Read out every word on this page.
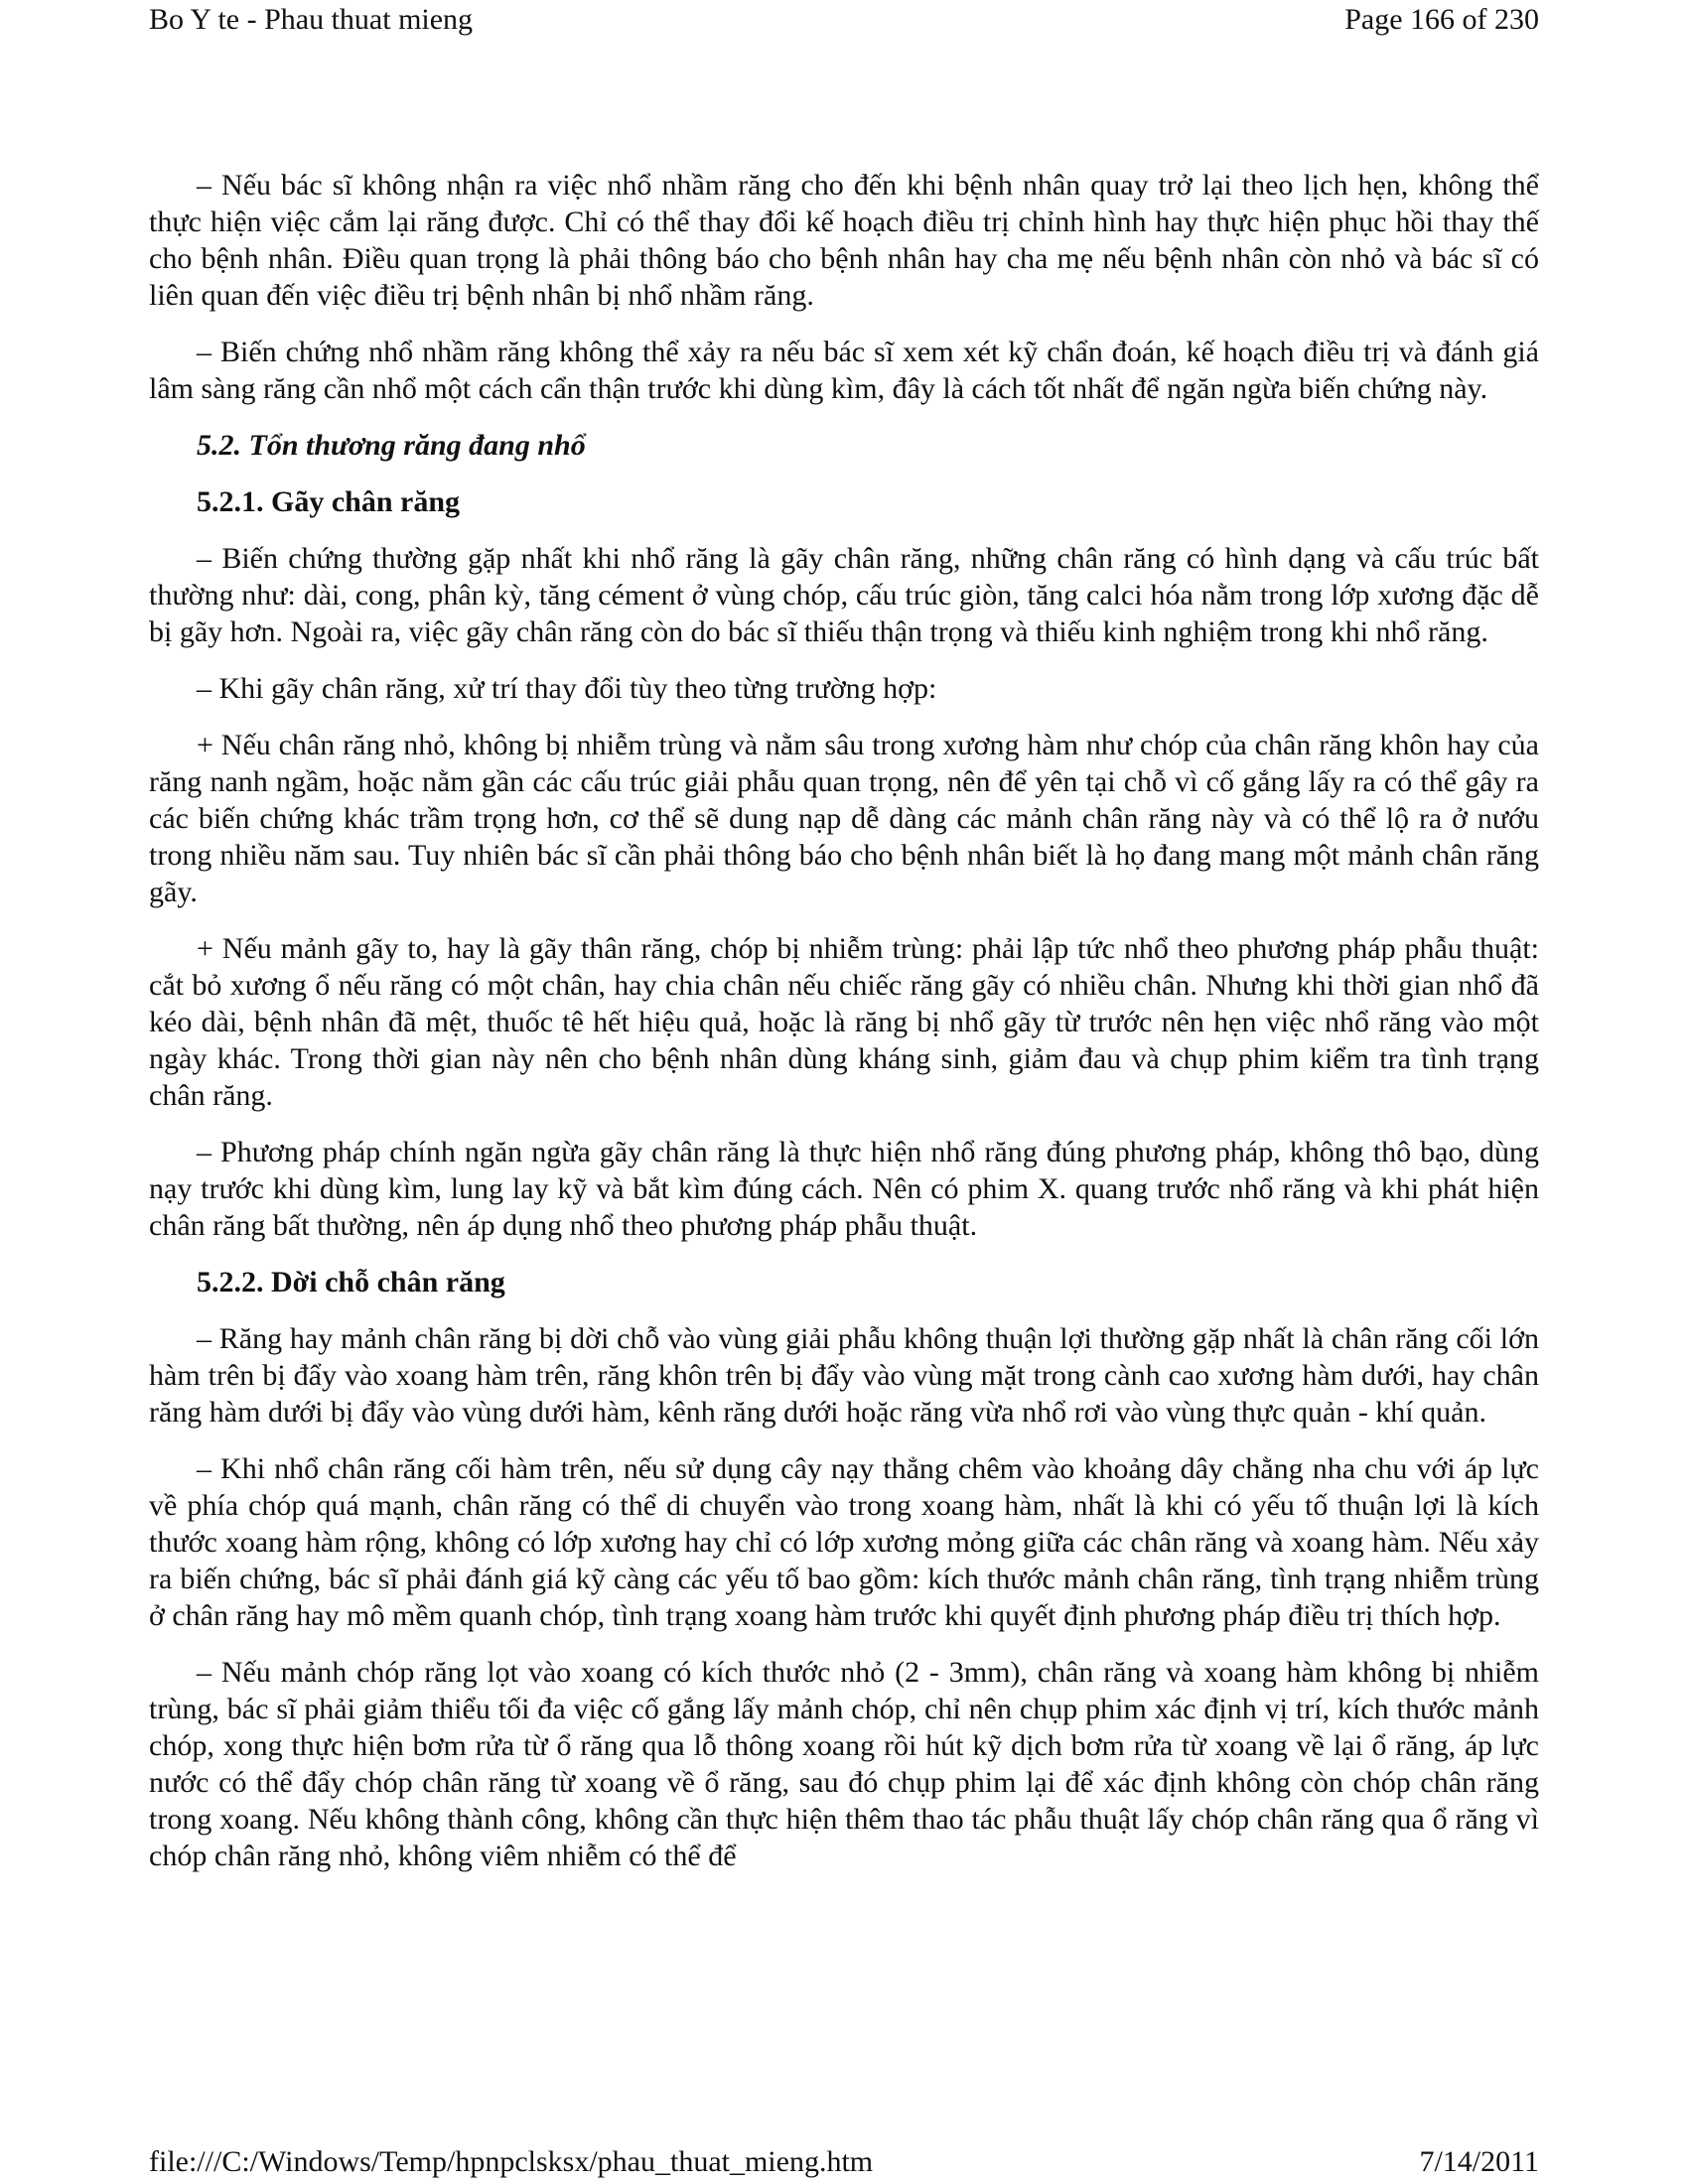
Bo Y te - Phau thuat mieng	Page 166 of 230

– Nếu bác sĩ không nhận ra việc nhổ nhầm răng cho đến khi bệnh nhân quay trở lại theo lịch hẹn, không thể thực hiện việc cắm lại răng được. Chỉ có thể thay đổi kế hoạch điều trị chỉnh hình hay thực hiện phục hồi thay thế cho bệnh nhân. Điều quan trọng là phải thông báo cho bệnh nhân hay cha mẹ nếu bệnh nhân còn nhỏ và bác sĩ có liên quan đến việc điều trị bệnh nhân bị nhổ nhầm răng.

– Biến chứng nhổ nhầm răng không thể xảy ra nếu bác sĩ xem xét kỹ chẩn đoán, kế hoạch điều trị và đánh giá lâm sàng răng cần nhổ một cách cẩn thận trước khi dùng kìm, đây là cách tốt nhất để ngăn ngừa biến chứng này.

5.2. Tổn thương răng đang nhổ
5.2.1. Gãy chân răng

– Biến chứng thường gặp nhất khi nhổ răng là gãy chân răng, những chân răng có hình dạng và cấu trúc bất thường như: dài, cong, phân kỳ, tăng cément ở vùng chóp, cấu trúc giòn, tăng calci hóa nằm trong lớp xương đặc dễ bị gãy hơn. Ngoài ra, việc gãy chân răng còn do bác sĩ thiếu thận trọng và thiếu kinh nghiệm trong khi nhổ răng.

– Khi gãy chân răng, xử trí thay đổi tùy theo từng trường hợp:

+ Nếu chân răng nhỏ, không bị nhiễm trùng và nằm sâu trong xương hàm như chóp của chân răng khôn hay của răng nanh ngầm, hoặc nằm gần các cấu trúc giải phẫu quan trọng, nên để yên tại chỗ vì cố gắng lấy ra có thể gây ra các biến chứng khác trầm trọng hơn, cơ thể sẽ dung nạp dễ dàng các mảnh chân răng này và có thể lộ ra ở nướu trong nhiều năm sau. Tuy nhiên bác sĩ cần phải thông báo cho bệnh nhân biết là họ đang mang một mảnh chân răng gãy.

+ Nếu mảnh gãy to, hay là gãy thân răng, chóp bị nhiễm trùng: phải lập tức nhổ theo phương pháp phẫu thuật: cắt bỏ xương ổ nếu răng có một chân, hay chia chân nếu chiếc răng gãy có nhiều chân. Nhưng khi thời gian nhổ đã kéo dài, bệnh nhân đã mệt, thuốc tê hết hiệu quả, hoặc là răng bị nhổ gãy từ trước nên hẹn việc nhổ răng vào một ngày khác. Trong thời gian này nên cho bệnh nhân dùng kháng sinh, giảm đau và chụp phim kiểm tra tình trạng chân răng.

– Phương pháp chính ngăn ngừa gãy chân răng là thực hiện nhổ răng đúng phương pháp, không thô bạo, dùng nạy trước khi dùng kìm, lung lay kỹ và bắt kìm đúng cách. Nên có phim X. quang trước nhổ răng và khi phát hiện chân răng bất thường, nên áp dụng nhổ theo phương pháp phẫu thuật.

5.2.2. Dời chỗ chân răng

– Răng hay mảnh chân răng bị dời chỗ vào vùng giải phẫu không thuận lợi thường gặp nhất là chân răng cối lớn hàm trên bị đẩy vào xoang hàm trên, răng khôn trên bị đẩy vào vùng mặt trong cành cao xương hàm dưới, hay chân răng hàm dưới bị đẩy vào vùng dưới hàm, kênh răng dưới hoặc răng vừa nhổ rơi vào vùng thực quản - khí quản.

– Khi nhổ chân răng cối hàm trên, nếu sử dụng cây nạy thẳng chêm vào khoảng dây chằng nha chu với áp lực về phía chóp quá mạnh, chân răng có thể di chuyển vào trong xoang hàm, nhất là khi có yếu tố thuận lợi là kích thước xoang hàm rộng, không có lớp xương hay chỉ có lớp xương mỏng giữa các chân răng và xoang hàm. Nếu xảy ra biến chứng, bác sĩ phải đánh giá kỹ càng các yếu tố bao gồm: kích thước mảnh chân răng, tình trạng nhiễm trùng ở chân răng hay mô mềm quanh chóp, tình trạng xoang hàm trước khi quyết định phương pháp điều trị thích hợp.

– Nếu mảnh chóp răng lọt vào xoang có kích thước nhỏ (2 - 3mm), chân răng và xoang hàm không bị nhiễm trùng, bác sĩ phải giảm thiểu tối đa việc cố gắng lấy mảnh chóp, chỉ nên chụp phim xác định vị trí, kích thước mảnh chóp, xong thực hiện bơm rửa từ ổ răng qua lỗ thông xoang rồi hút kỹ dịch bơm rửa từ xoang về lại ổ răng, áp lực nước có thể đẩy chóp chân răng từ xoang về ổ răng, sau đó chụp phim lại để xác định không còn chóp chân răng trong xoang. Nếu không thành công, không cần thực hiện thêm thao tác phẫu thuật lấy chóp chân răng qua ổ răng vì chóp chân răng nhỏ, không viêm nhiễm có thể để

file:///C:/Windows/Temp/hpnpclsksx/phau_thuat_mieng.htm	7/14/2011
